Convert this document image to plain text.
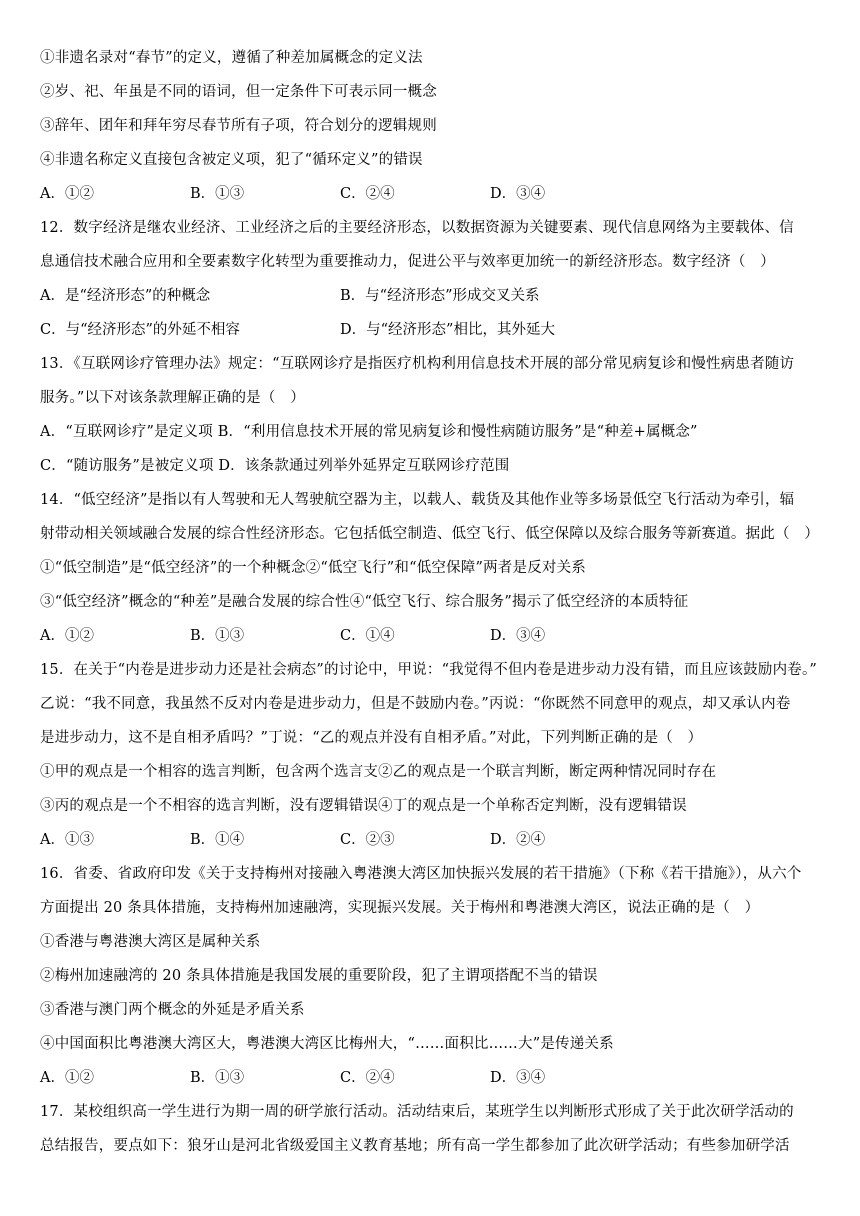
①非遗名录对“春节”的定义，遵循了种差加属概念的定义法
②岁、祀、年虽是不同的语词，但一定条件下可表示同一概念
③辞年、团年和拜年穷尽春节所有子项，符合划分的逻辑规则
④非遗名称定义直接包含被定义项，犯了“循环定义”的错误
A．①②	B．①③	C．②④	D．③④
12．数字经济是继农业经济、工业经济之后的主要经济形态，以数据资源为关键要素、现代信息网络为主要载体、信
息通信技术融合应用和全要素数字化转型为重要推动力，促进公平与效率更加统一的新经济形态。数字经济（　）
A．是“经济形态”的种概念	B．与“经济形态”形成交叉关系
C．与“经济形态”的外延不相容	D．与“经济形态”相比，其外延大
13．《互联网诊疗管理办法》规定：“互联网诊疗是指医疗机构利用信息技术开展的部分常见病复诊和慢性病患者随访
服务。”以下对该条款理解正确的是（　）
A．“互联网诊疗”是定义项 B．“利用信息技术开展的常见病复诊和慢性病随访服务”是“种差+属概念”
C．“随访服务”是被定义项 D．该条款通过列举外延界定互联网诊疗范围
14．“低空经济”是指以有人驾驶和无人驾驶航空器为主，以载人、载货及其他作业等多场景低空飞行活动为牵引，辐
射带动相关领域融合发展的综合性经济形态。它包括低空制造、低空飞行、低空保障以及综合服务等新赛道。据此（　）
①“低空制造”是“低空经济”的一个种概念②“低空飞行”和“低空保障”两者是反对关系
③“低空经济”概念的“种差”是融合发展的综合性④“低空飞行、综合服务”揭示了低空经济的本质特征
A．①②	B．①③	C．①④	D．③④
15．在关于“内卷是进步动力还是社会病态”的讨论中，甲说：“我觉得不但内卷是进步动力没有错，而且应该鼓励内卷。”
乙说：“我不同意，我虽然不反对内卷是进步动力，但是不鼓励内卷。”丙说：“你既然不同意甲的观点，却又承认内卷
是进步动力，这不是自相矛盾吗？”丁说：“乙的观点并没有自相矛盾。”对此，下列判断正确的是（　）
①甲的观点是一个相容的选言判断，包含两个选言支②乙的观点是一个联言判断，断定两种情况同时存在
③丙的观点是一个不相容的选言判断，没有逻辑错误④丁的观点是一个单称否定判断，没有逻辑错误
A．①③	B．①④	C．②③	D．②④
16．省委、省政府印发《关于支持梅州对接融入粤港澳大湾区加快振兴发展的若干措施》（下称《若干措施》），从六个
方面提出 20 条具体措施，支持梅州加速融湾，实现振兴发展。关于梅州和粤港澳大湾区，说法正确的是（　）
①香港与粤港澳大湾区是属种关系
②梅州加速融湾的 20 条具体措施是我国发展的重要阶段，犯了主谓项搭配不当的错误
③香港与澳门两个概念的外延是矛盾关系
④中国面积比粤港澳大湾区大，粤港澳大湾区比梅州大，“……面积比……大”是传递关系
A．①②	B．①③	C．②④	D．③④
17．某校组织高一学生进行为期一周的研学旅行活动。活动结束后，某班学生以判断形式形成了关于此次研学活动的
总结报告，要点如下：狼牙山是河北省级爱国主义教育基地；所有高一学生都参加了此次研学活动；有些参加研学活
